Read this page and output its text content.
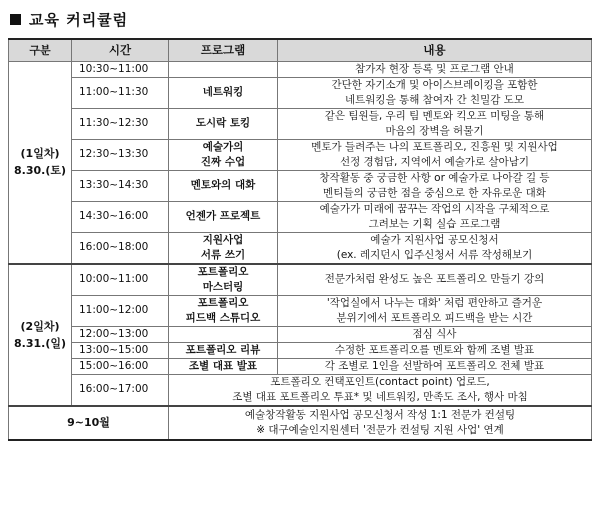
교육 커리큘럼
구분	시간	프로그램	내용

(1일차)
8.30.(토)	10:30~11:00		참가자 현장 등록 및 프로그램 안내

	11:00~11:30	네트워킹	간단한 자기소개 및 아이스브레이킹을 포함한
네트워킹을 통해 참여자 간 친밀감 도모

	11:30~12:30	도시락 토킹	같은 팀원들, 우리 팀 멘토와 킥오프 미팅을 통해
마음의 장벽을 허물기

	12:30~13:30	예술가의
진짜 수업	멘토가 들려주는 나의 포트폴리오, 진흥원 및 지원사업
선정 경험담, 지역에서 예술가로 살아남기

	13:30~14:30	멘토와의 대화	창작활동 중 궁금한 사항 or 예술가로 나아갈 길 등
멘티들의 궁금한 점을 중심으로 한 자유로운 대화

	14:30~16:00	언젠가 프로젝트	예술가가 미래에 꿈꾸는 작업의 시작을 구체적으로
그려보는 기획 실습 프로그램

	16:00~18:00	지원사업
서류 쓰기	예술가 지원사업 공모신청서
(ex. 레지던시 입주신청서 서류 작성해보기

(2일차)
8.31.(일)	10:00~11:00	포트폴리오
마스터링	전문가처럼 완성도 높은 포트폴리오 만들기 강의

	11:00~12:00	포트폴리오
피드백 스튜디오	'작업실에서 나누는 대화' 처럼 편안하고 즐거운
분위기에서 포트폴리오 피드백을 받는 시간

	12:00~13:00		점심 식사

	13:00~15:00	포트폴리오 리뷰	수정한 포트폴리오를 멘토와 함께 조별 발표

	15:00~16:00	조별 대표 발표	각 조별로 1인을 선발하여 포트폴리오 전체 발표

	16:00~17:00	포트폴리오 컨택포인트(contact point) 업로드,
조별 대표 포트폴리오 투표* 및 네트워킹, 만족도 조사, 행사 마침	

9~10월		예술창작활동 지원사업 공모신청서 작성 1:1 전문가 컨설팅
※ 대구예술인지원센터 '전문가 컨설팅 지원 사업' 연계	
